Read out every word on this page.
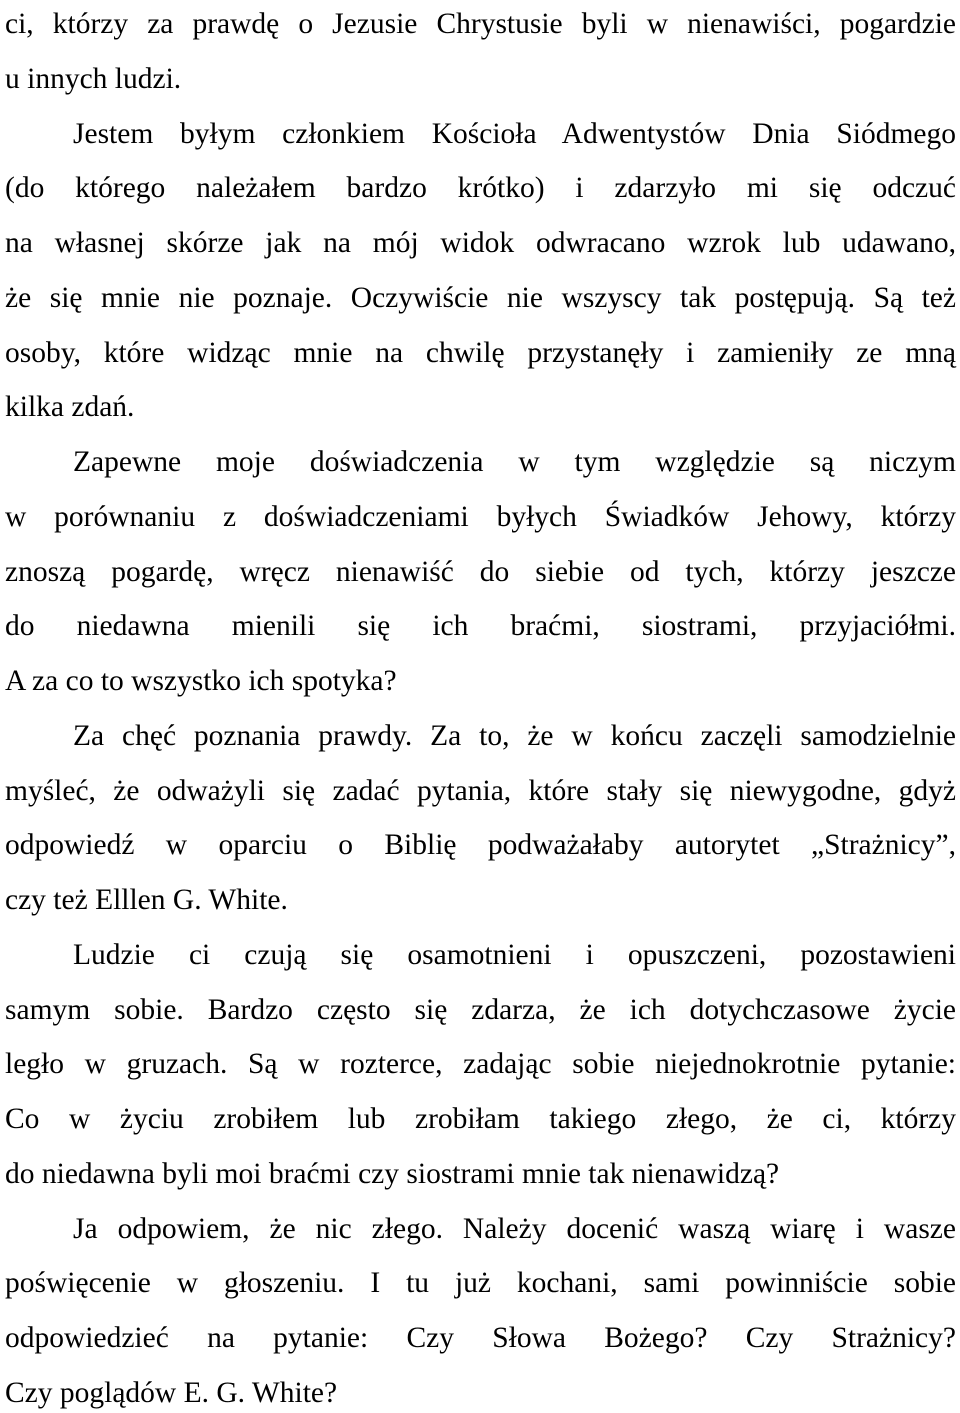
ci, którzy za prawdę o Jezusie Chrystusie byli w nienawiści, pogardzie
u innych ludzi.
Jestem byłym członkiem Kościoła Adwentystów Dnia Siódmego
(do którego należałem bardzo krótko) i zdarzyło mi się odczuć
na własnej skórze jak na mój widok odwracano wzrok lub udawano,
że się mnie nie poznaje. Oczywiście nie wszyscy tak postępują. Są też
osoby, które widząc mnie na chwilę przystanęły i zamieniły ze mną
kilka zdań.
Zapewne moje doświadczenia w tym względzie są niczym
w porównaniu z doświadczeniami byłych Świadków Jehowy, którzy
znoszą pogardę, wręcz nienawiść do siebie od tych, którzy jeszcze
do niedawna mienili się ich braćmi, siostrami, przyjaciółmi.
A za co to wszystko ich spotyka?
Za chęć poznania prawdy. Za to, że w końcu zaczęli samodzielnie
myśleć, że odważyli się zadać pytania, które stały się niewygodne, gdyż
odpowiedź w oparciu o Biblię podważałaby autorytet „Strażnicy”,
czy też Elllen G. White.
Ludzie ci czują się osamotnieni i opuszczeni, pozostawieni
samym sobie. Bardzo często się zdarza, że ich dotychczasowe życie
legło w gruzach. Są w rozterce, zadając sobie niejednokrotnie pytanie:
Co w życiu zrobiłem lub zrobiłam takiego złego, że ci, którzy
do niedawna byli moi braćmi czy siostrami mnie tak nienawidzą?
Ja odpowiem, że nic złego. Należy docenić waszą wiarę i wasze
poświęcenie w głoszeniu. I tu już kochani, sami powinniście sobie
odpowiedzieć na pytanie: Czy Słowa Bożego? Czy Strażnicy?
Czy poglądów E. G. White?
